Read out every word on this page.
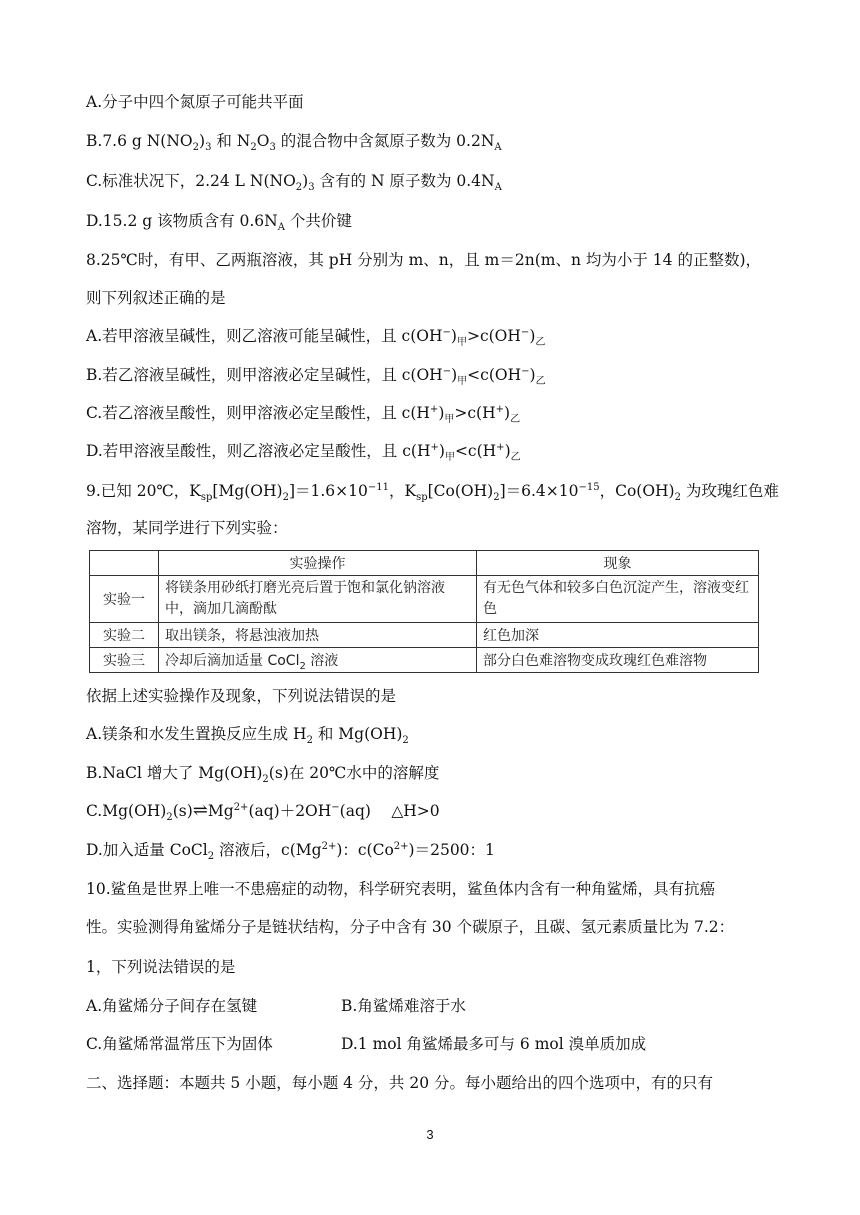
A.分子中四个氮原子可能共平面
B.7.6 g $N(NO_2)_3$ 和 $N_2O_3$ 的混合物中含氮原子数为 $0.2N_A$
C.标准状况下，2.24 L $N(NO_2)_3$ 含有的 N 原子数为 $0.4N_A$
D.15.2 g 该物质含有 $0.6N_A$ 个共价键
8.25℃时，有甲、乙两瓶溶液，其 pH 分别为 m、n，且 m＝2n(m、n 均为小于 14 的正整数)，
则下列叙述正确的是
A.若甲溶液呈碱性，则乙溶液可能呈碱性，且 $c(OH^-)_甲>c(OH^-)_乙$
B.若乙溶液呈碱性，则甲溶液必定呈碱性，且 $c(OH^-)_甲<c(OH^-)_乙$
C.若乙溶液呈酸性，则甲溶液必定呈酸性，且 $c(H^+)_甲>c(H^+)_乙$
D.若甲溶液呈酸性，则乙溶液必定呈酸性，且 $c(H^+)_甲<c(H^+)_乙$
9.已知 20℃，$K_{sp}[Mg(OH)_2]=1.6\times 10^{-11}$，$K_{sp}[Co(OH)_2]=6.4\times 10^{-15}$，$Co(OH)_2$ 为玫瑰红色难
溶物，某同学进行下列实验：
	实验操作	现象
实验一	将镁条用砂纸打磨光亮后置于饱和氯化钠溶液中，滴加几滴酚酞	有无色气体和较多白色沉淀产生，溶液变红色
实验二	取出镁条，将悬浊液加热	红色加深
实验三	冷却后滴加适量 CoCl$_2$ 溶液	部分白色难溶物变成玫瑰红色难溶物
依据上述实验操作及现象，下列说法错误的是
A.镁条和水发生置换反应生成 $H_2$ 和 $Mg(OH)_2$
B.NaCl 增大了 $Mg(OH)_2(s)$在 20℃水中的溶解度
$C.Mg(OH)_2(s)\rightleftharpoons Mg^{2+}(aq)+2OH^-(aq)$　 △H>0
D.加入适量 CoCl$_2$ 溶液后，$c(Mg^{2+})$：$c(Co^{2+})=2500$：1
10.鲨鱼是世界上唯一不患癌症的动物，科学研究表明，鲨鱼体内含有一种角鲨烯，具有抗癌
性。实验测得角鲨烯分子是链状结构，分子中含有 30 个碳原子，且碳、氢元素质量比为 7.2：
1，下列说法错误的是
A.角鲨烯分子间存在氢键	B.角鲨烯难溶于水
C.角鲨烯常温常压下为固体	D.1 mol 角鲨烯最多可与 6 mol 溴单质加成
二、选择题：本题共 5 小题，每小题 4 分，共 20 分。每小题给出的四个选项中，有的只有
3
